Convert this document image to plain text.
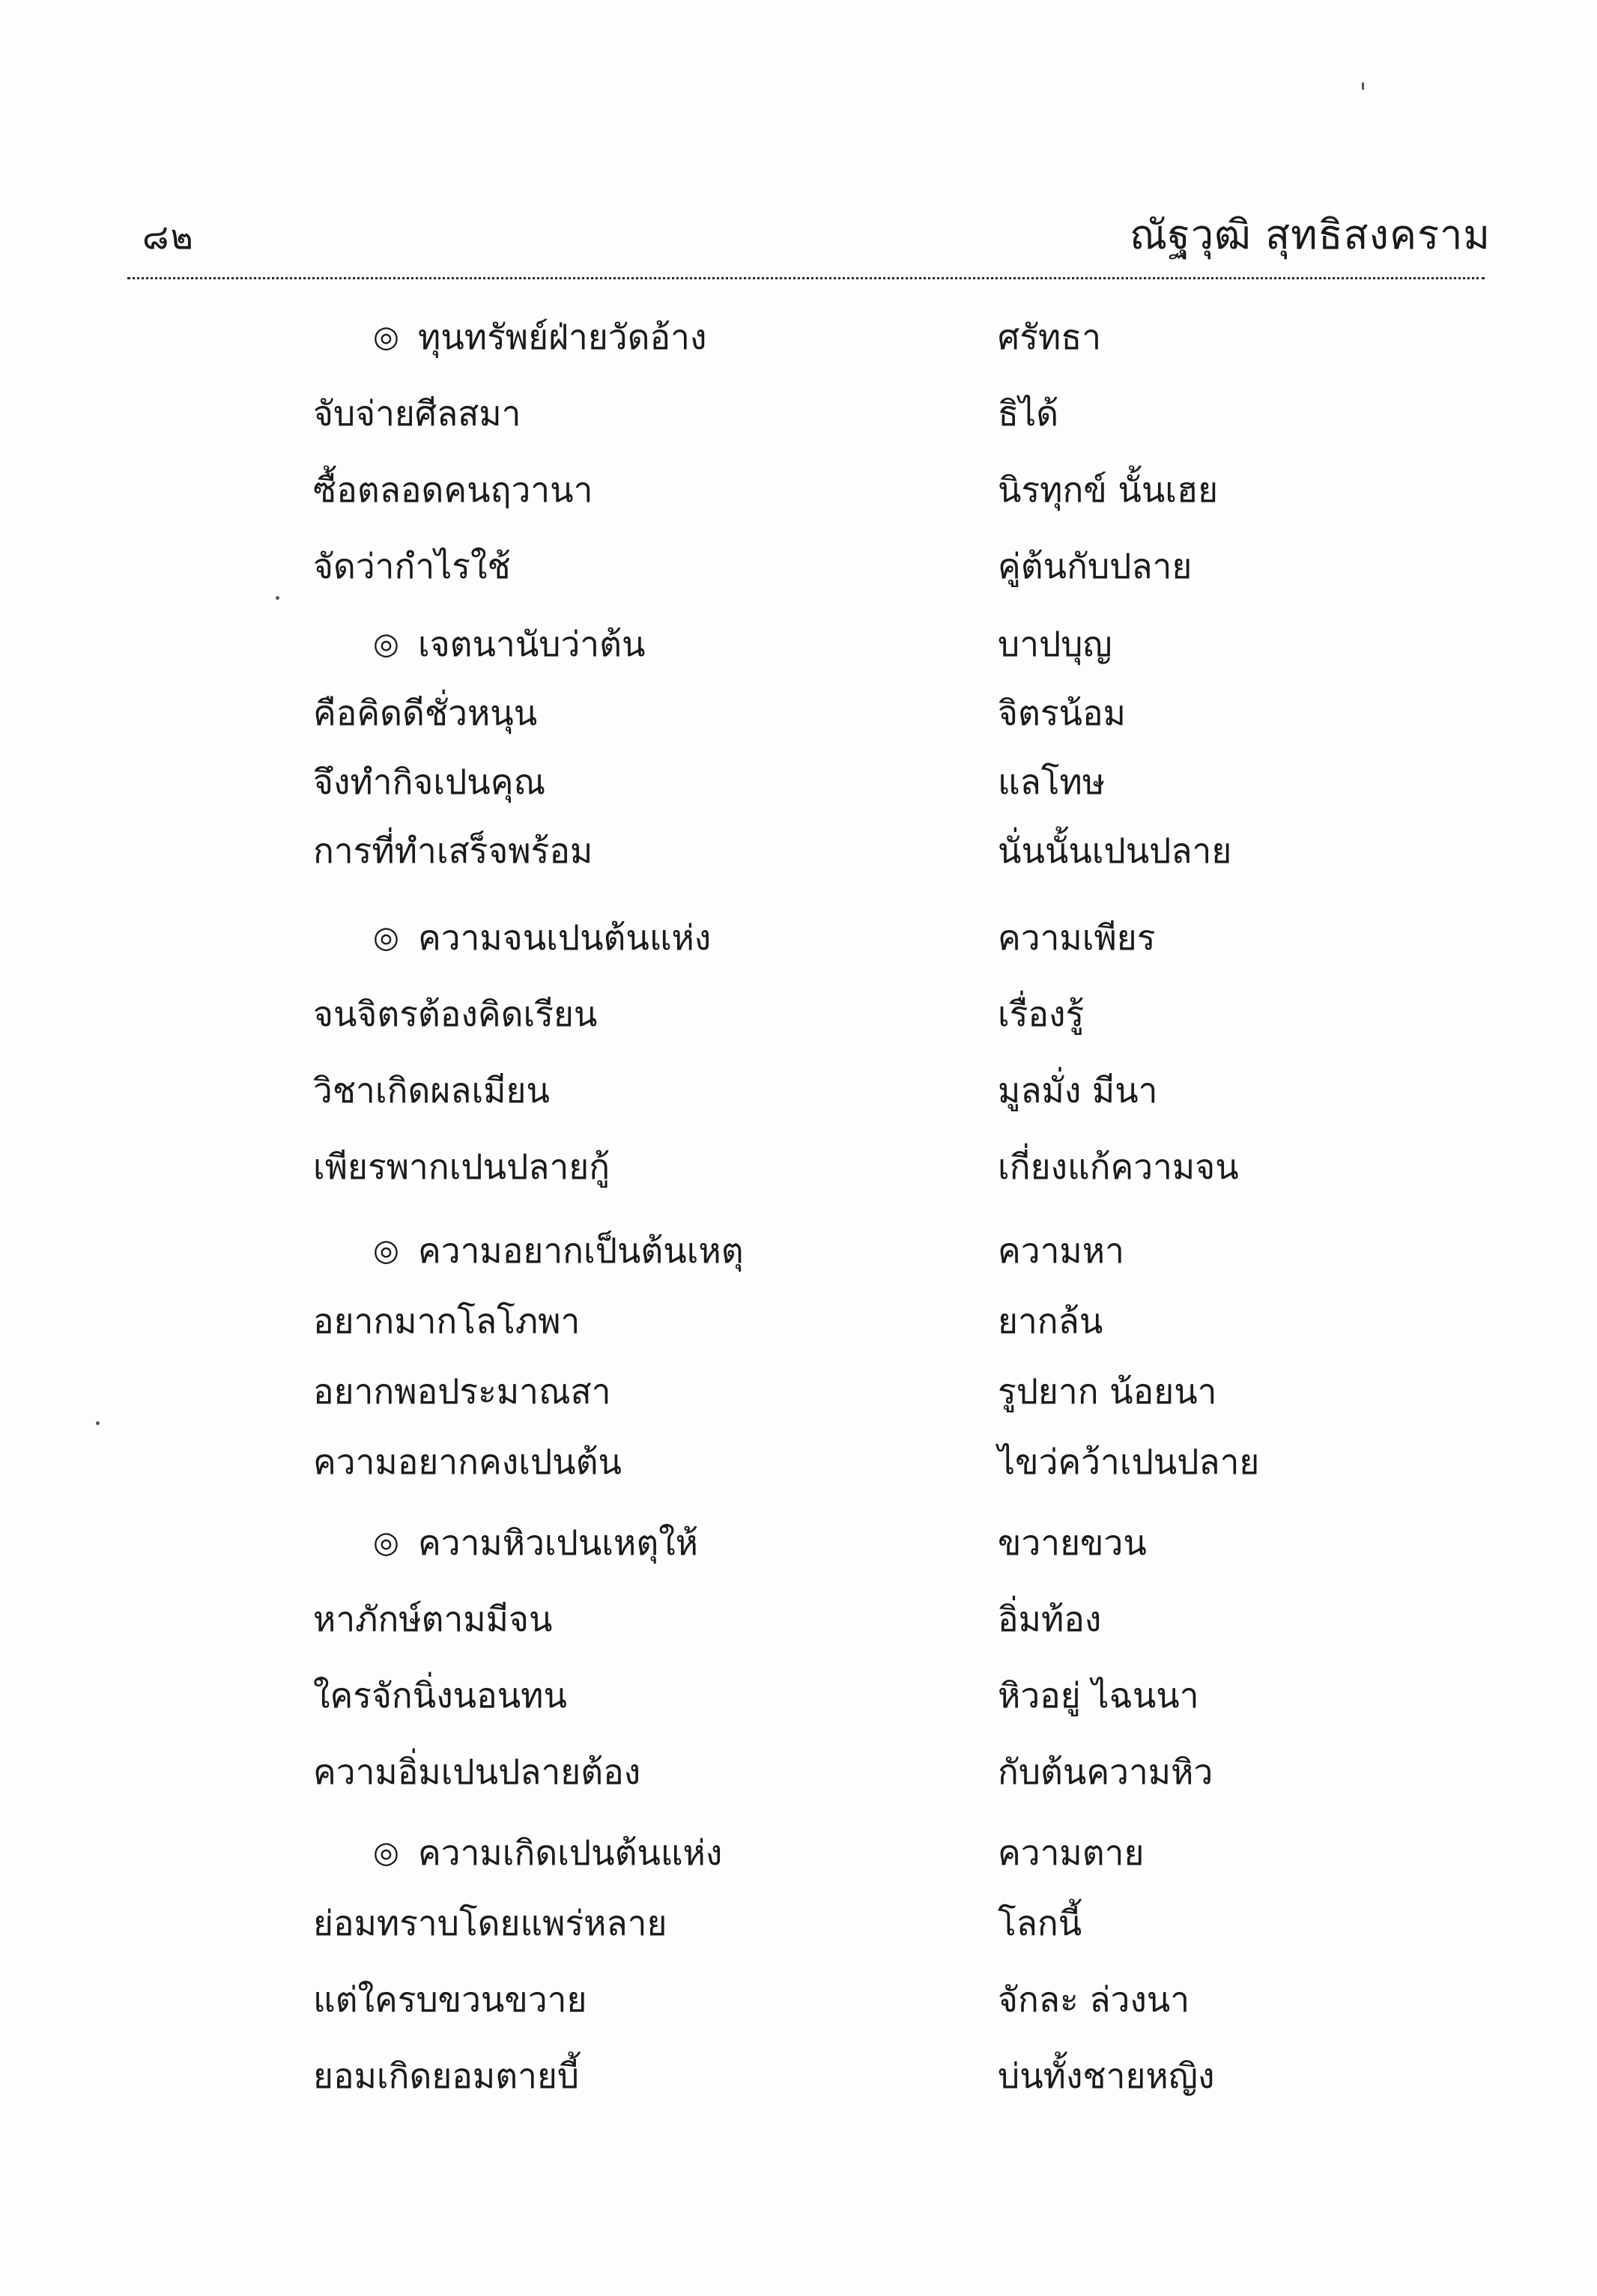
๘๒	ณัฐวุฒิ สุทธิสงคราม
◎ ทุนทรัพย์ฝ่ายวัดอ้าง	ศรัทธา
จับจ่ายศีลสมา	ธิได้
ซื้อตลอดคนฤวานา	นิรทุกข์ นั้นเฮย
จัดว่ากำไรใช้	คู่ต้นกับปลาย
◎ เจตนานับว่าต้น	บาปบุญ
คือคิดดีชั่วหนุน	จิตรน้อม
จึงทำกิจเปนคุณ	แลโทษ
การที่ทำเสร็จพร้อม	นั่นนั้นเปนปลาย
◎ ความจนเปนต้นแห่ง	ความเพียร
จนจิตรต้องคิดเรียน	เรื่องรู้
วิชาเกิดผลเมียน	มูลมั่ง มีนา
เพียรพากเปนปลายกู้	เกี่ยงแก้ความจน
◎ ความอยากเป็นต้นเหตุ	ความหา
อยากมากโลโภพา	ยากล้น
อยากพอประมาณสา	รูปยาก น้อยนา
ความอยากคงเปนต้น	ไขว่คว้าเปนปลาย
◎ ความหิวเปนเหตุให้	ขวายขวน
หาภักษ์ตามมีจน	อิ่มท้อง
ใครจักนิ่งนอนทน	หิวอยู่ ไฉนนา
ความอิ่มเปนปลายต้อง	กับต้นความหิว
◎ ความเกิดเปนต้นแห่ง	ความตาย
ย่อมทราบโดยแพร่หลาย	โลกนี้
แต่ใครบขวนขวาย	จักละ ล่วงนา
ยอมเกิดยอมตายบี้	บ่นทั้งชายหญิง
